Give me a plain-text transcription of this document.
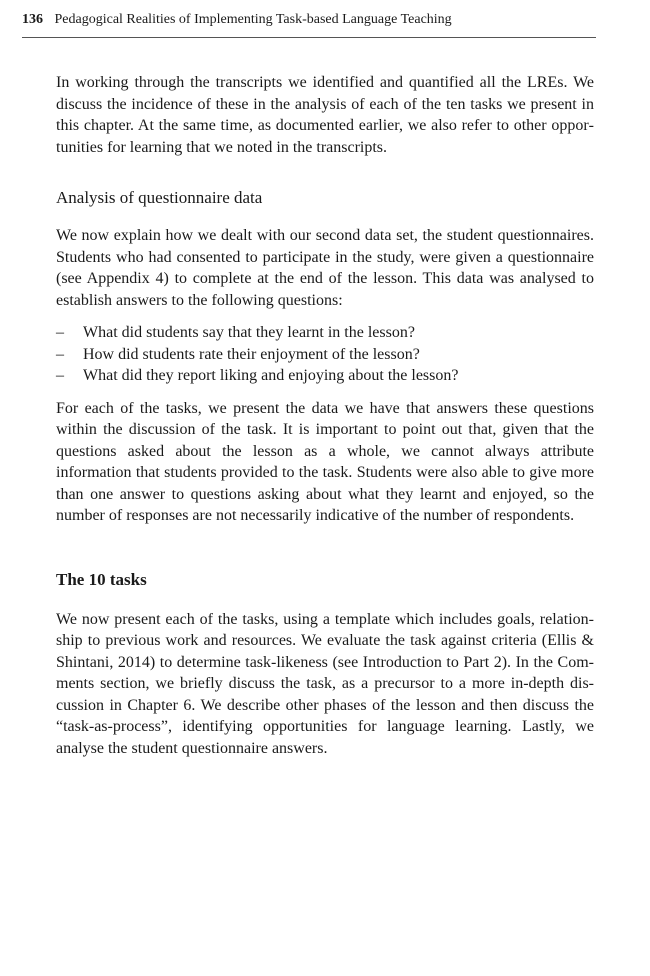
136 Pedagogical Realities of Implementing Task-based Language Teaching

In working through the transcripts we identified and quantified all the LREs. We discuss the incidence of these in the analysis of each of the ten tasks we present in this chapter. At the same time, as documented earlier, we also refer to other opportunities for learning that we noted in the transcripts.

Analysis of questionnaire data

We now explain how we dealt with our second data set, the student questionnaires. Students who had consented to participate in the study, were given a questionnaire (see Appendix 4) to complete at the end of the lesson. This data was analysed to establish answers to the following questions:

– What did students say that they learnt in the lesson?
– How did students rate their enjoyment of the lesson?
– What did they report liking and enjoying about the lesson?

For each of the tasks, we present the data we have that answers these questions within the discussion of the task. It is important to point out that, given that the questions asked about the lesson as a whole, we cannot always attribute information that students provided to the task. Students were also able to give more than one answer to questions asking about what they learnt and enjoyed, so the number of responses are not necessarily indicative of the number of respondents.

The 10 tasks

We now present each of the tasks, using a template which includes goals, relationship to previous work and resources. We evaluate the task against criteria (Ellis & Shintani, 2014) to determine task-likeness (see Introduction to Part 2). In the Comments section, we briefly discuss the task, as a precursor to a more in-depth discussion in Chapter 6. We describe other phases of the lesson and then discuss the “task-as-process”, identifying opportunities for language learning. Lastly, we analyse the student questionnaire answers.
